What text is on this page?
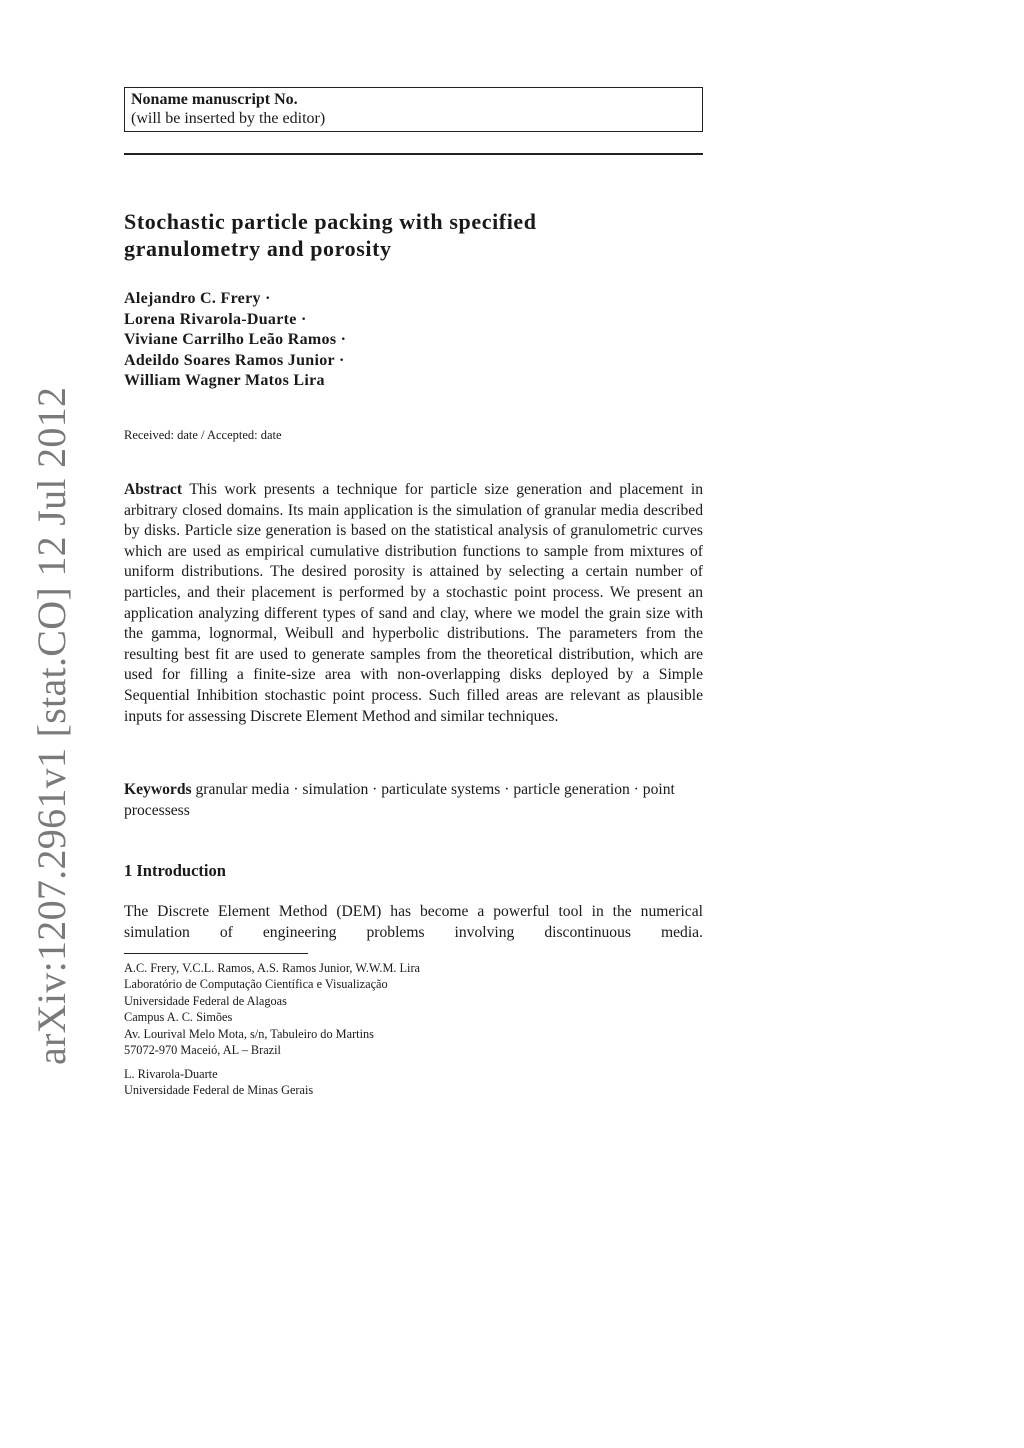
arXiv:1207.2961v1 [stat.CO] 12 Jul 2012
Noname manuscript No.
(will be inserted by the editor)
Stochastic particle packing with specified
granulometry and porosity
Alejandro C. Frery ·
Lorena Rivarola-Duarte ·
Viviane Carrilho Leão Ramos ·
Adeildo Soares Ramos Junior ·
William Wagner Matos Lira
Received: date / Accepted: date
Abstract This work presents a technique for particle size generation and placement in arbitrary closed domains. Its main application is the simulation of granular media described by disks. Particle size generation is based on the statistical analysis of granulometric curves which are used as empirical cumulative distribution functions to sample from mixtures of uniform distributions. The desired porosity is attained by selecting a certain number of particles, and their placement is performed by a stochastic point process. We present an application analyzing different types of sand and clay, where we model the grain size with the gamma, lognormal, Weibull and hyperbolic distributions. The parameters from the resulting best fit are used to generate samples from the theoretical distribution, which are used for filling a finite-size area with non-overlapping disks deployed by a Simple Sequential Inhibition stochastic point process. Such filled areas are relevant as plausible inputs for assessing Discrete Element Method and similar techniques.
Keywords granular media · simulation · particulate systems · particle generation · point processess
1 Introduction
The Discrete Element Method (DEM) has become a powerful tool in the numerical simulation of engineering problems involving discontinuous media.
A.C. Frery, V.C.L. Ramos, A.S. Ramos Junior, W.W.M. Lira
Laboratório de Computação Científica e Visualização
Universidade Federal de Alagoas
Campus A. C. Simões
Av. Lourival Melo Mota, s/n, Tabuleiro do Martins
57072-970 Maceió, AL – Brazil
L. Rivarola-Duarte
Universidade Federal de Minas Gerais
